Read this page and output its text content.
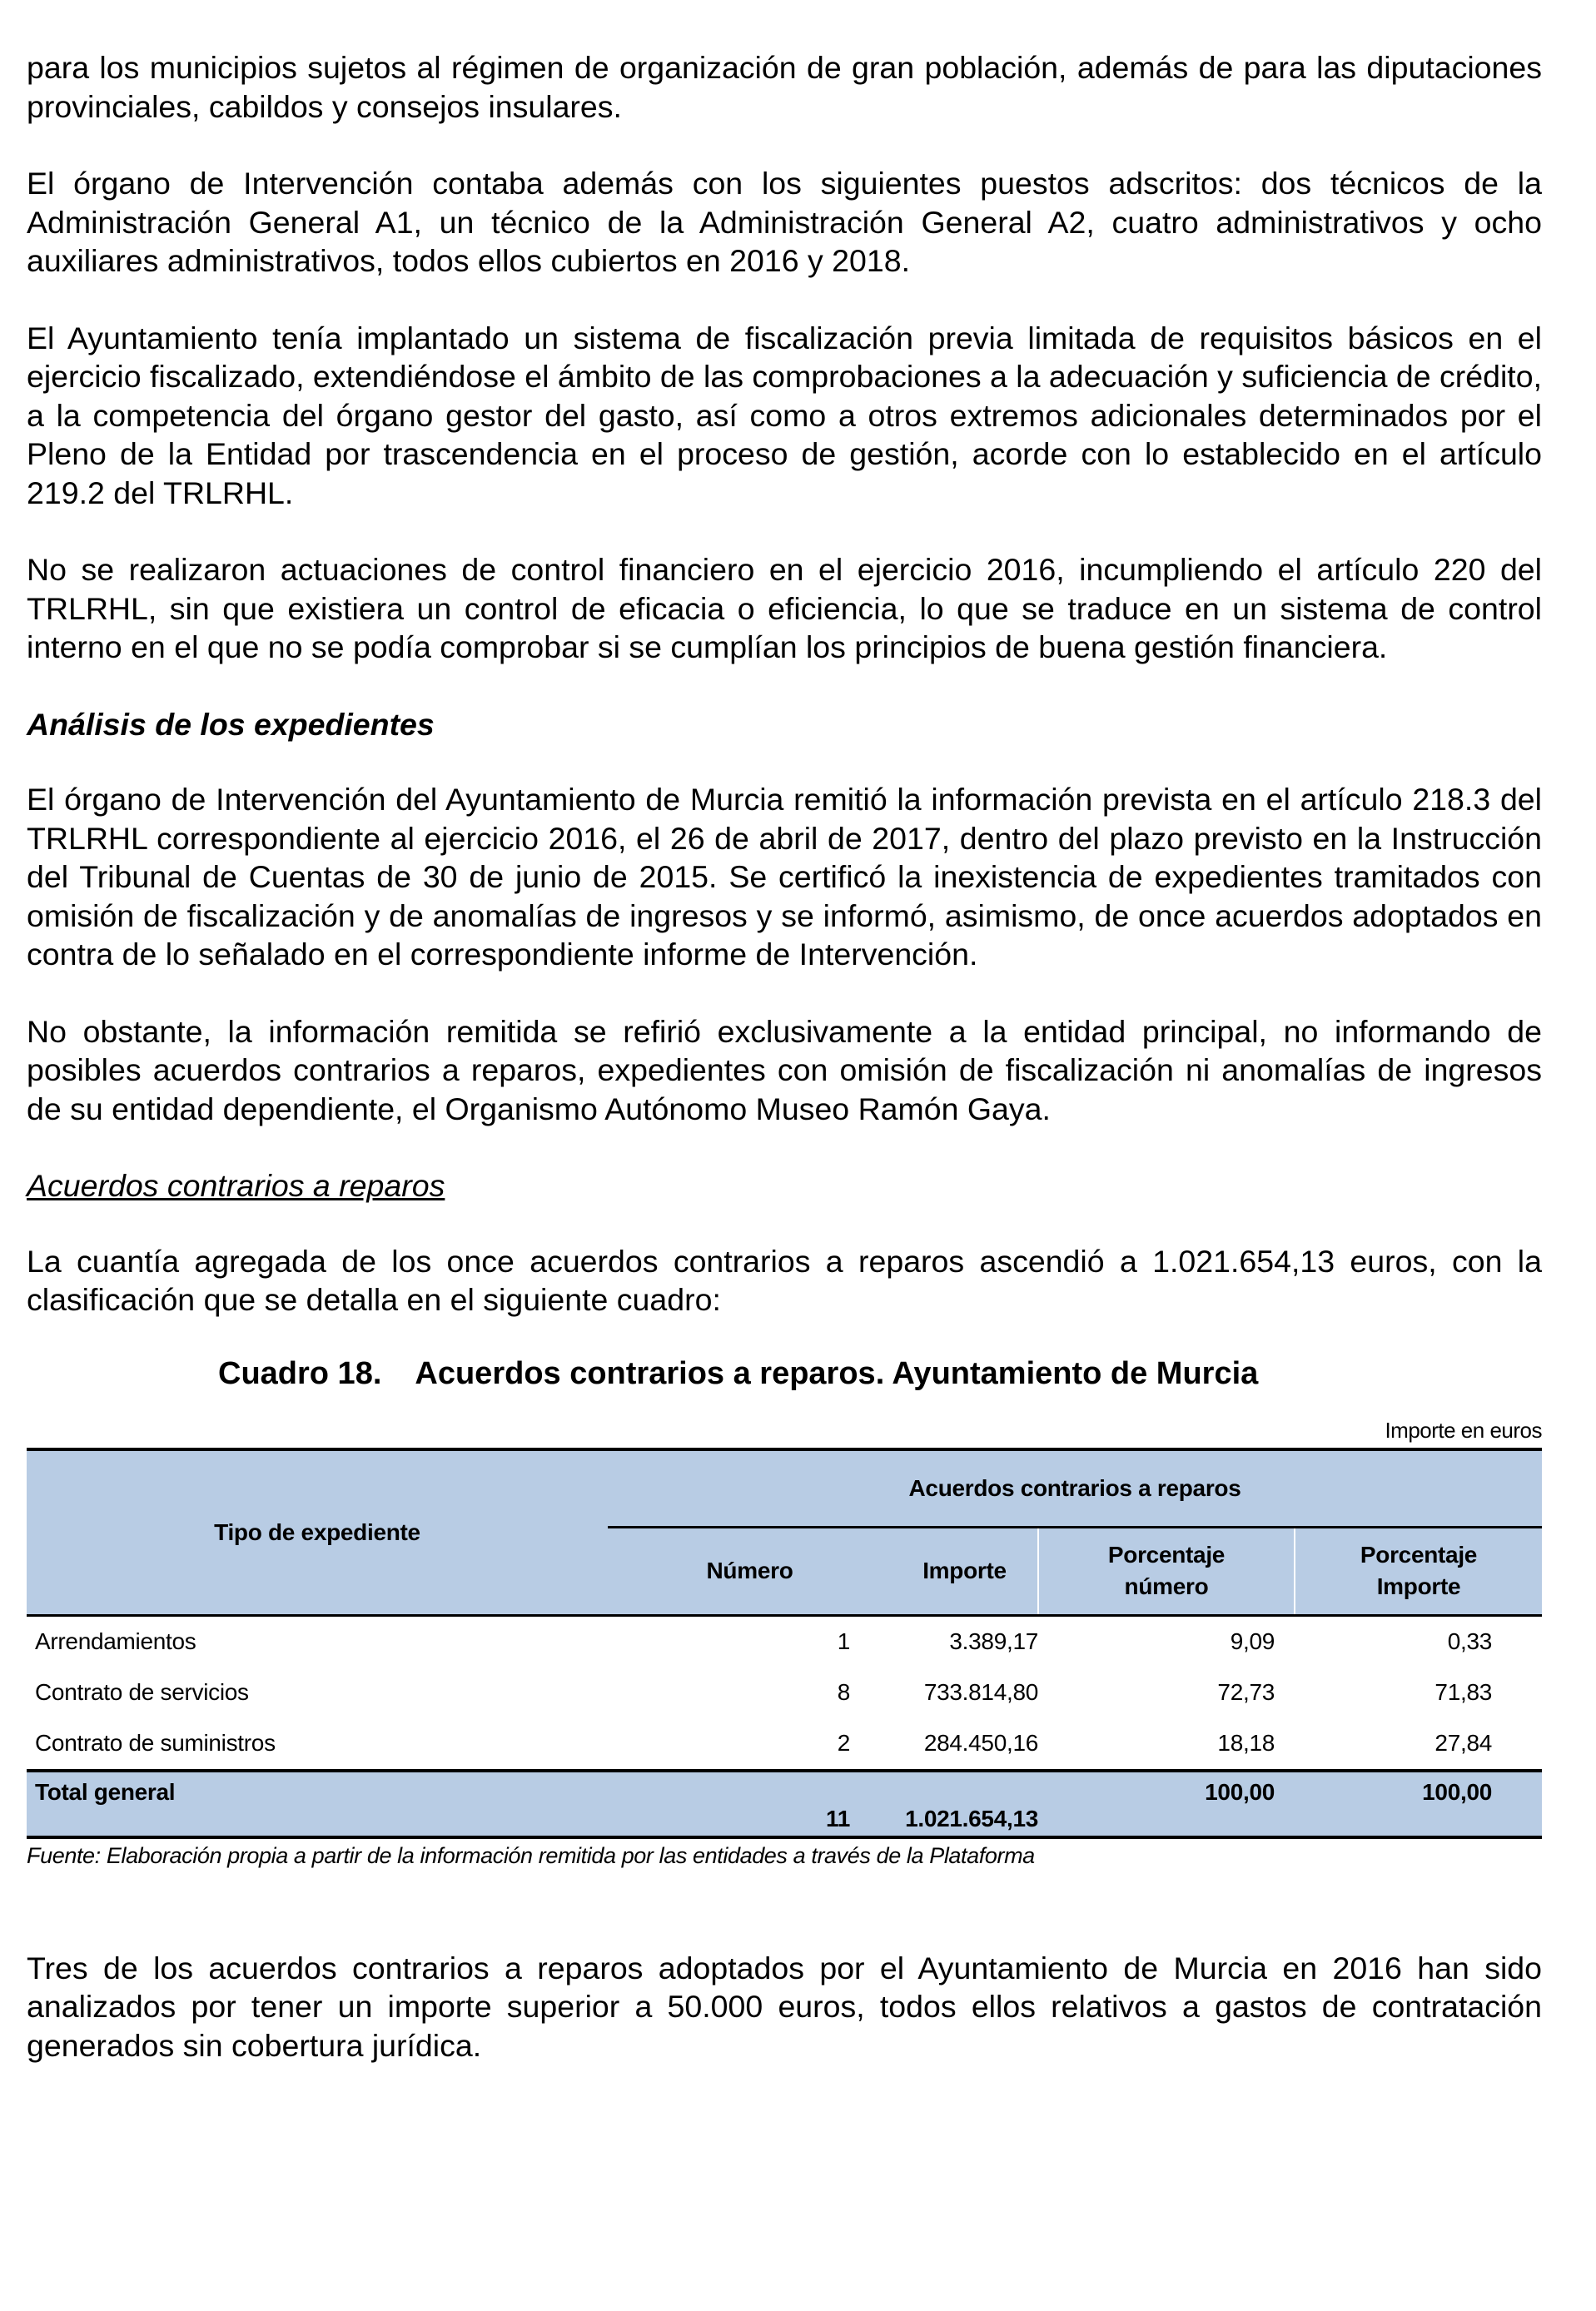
para los municipios sujetos al régimen de organización de gran población, además de para las diputaciones provinciales, cabildos y consejos insulares.

El órgano de Intervención contaba además con los siguientes puestos adscritos: dos técnicos de la Administración General A1, un técnico de la Administración General A2, cuatro administrativos y ocho auxiliares administrativos, todos ellos cubiertos en 2016 y 2018.

El Ayuntamiento tenía implantado un sistema de fiscalización previa limitada de requisitos básicos en el ejercicio fiscalizado, extendiéndose el ámbito de las comprobaciones a la adecuación y suficiencia de crédito, a la competencia del órgano gestor del gasto, así como a otros extremos adicionales determinados por el Pleno de la Entidad por trascendencia en el proceso de gestión, acorde con lo establecido en el artículo 219.2 del TRLRHL.

No se realizaron actuaciones de control financiero en el ejercicio 2016, incumpliendo el artículo 220 del TRLRHL, sin que existiera un control de eficacia o eficiencia, lo que se traduce en un sistema de control interno en el que no se podía comprobar si se cumplían los principios de buena gestión financiera.

Análisis de los expedientes

El órgano de Intervención del Ayuntamiento de Murcia remitió la información prevista en el artículo 218.3 del TRLRHL correspondiente al ejercicio 2016, el 26 de abril de 2017, dentro del plazo previsto en la Instrucción del Tribunal de Cuentas de 30 de junio de 2015. Se certificó la inexistencia de expedientes tramitados con omisión de fiscalización y de anomalías de ingresos y se informó, asimismo, de once acuerdos adoptados en contra de lo señalado en el correspondiente informe de Intervención.

No obstante, la información remitida se refirió exclusivamente a la entidad principal, no informando de posibles acuerdos contrarios a reparos, expedientes con omisión de fiscalización ni anomalías de ingresos de su entidad dependiente, el Organismo Autónomo Museo Ramón Gaya.

Acuerdos contrarios a reparos

La cuantía agregada de los once acuerdos contrarios a reparos ascendió a 1.021.654,13 euros, con la clasificación que se detalla en el siguiente cuadro:

Cuadro 18. Acuerdos contrarios a reparos. Ayuntamiento de Murcia
Importe en euros
Tipo de expediente	Acuerdos contrarios a reparos			
	Número	Importe	Porcentaje número	Porcentaje Importe
Arrendamientos	1	3.389,17	9,09	0,33
Contrato de servicios	8	733.814,80	72,73	71,83
Contrato de suministros	2	284.450,16	18,18	27,84
Total general	11	1.021.654,13	100,00	100,00
Fuente: Elaboración propia a partir de la información remitida por las entidades a través de la Plataforma

Tres de los acuerdos contrarios a reparos adoptados por el Ayuntamiento de Murcia en 2016 han sido analizados por tener un importe superior a 50.000 euros, todos ellos relativos a gastos de contratación generados sin cobertura jurídica.
